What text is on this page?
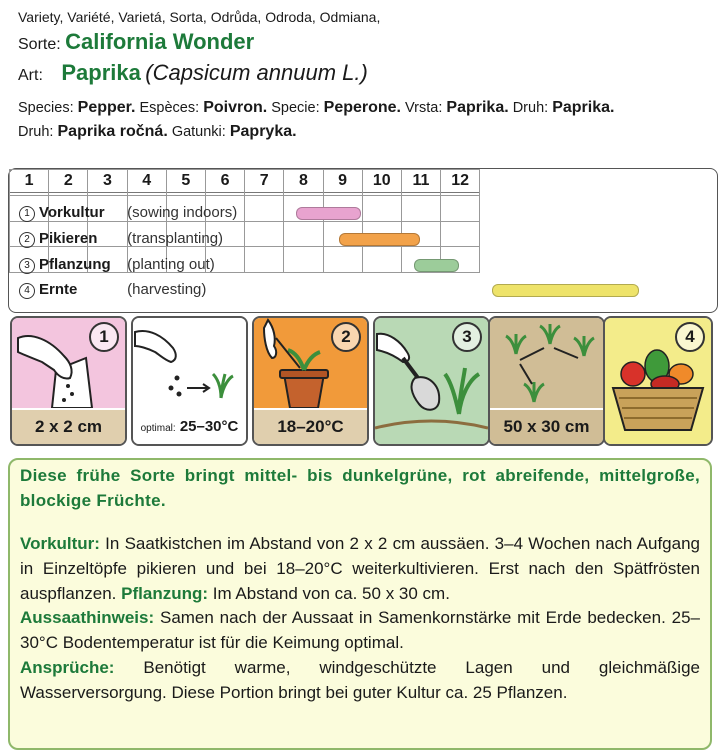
Variety, Variété, Varietá, Sorta, Odrůda, Odroda, Odmiana,
Sorte: California Wonder
Art: Paprika (Capsicum annuum L.)
Species: Pepper. Espèces: Poivron. Specie: Peperone. Vrsta: Paprika. Druh: Paprika.
Druh: Paprika ročná. Gatunki: Papryka.
1	2	3	4	5	6	7	8	9	10	11	12

1 Vorkultur (sowing indoors)
2 Pikieren (transplanting)
3 Pflanzung (planting out)
4 Ernte	(harvesting)
1
2 x 2 cm	optimal: 25–30°C
2
18–20°C
3
50 x 30 cm
4
Diese frühe Sorte bringt mittel- bis dunkelgrüne, rot abreifende, mittelgroße, blockige Früchte.
Vorkultur: In Saatkistchen im Abstand von 2 x 2 cm aussäen. 3–4 Wochen nach Aufgang in Einzeltöpfe pikieren und bei 18–20°C weiterkultivieren. Erst nach den Spätfrösten auspflanzen. Pflanzung: Im Abstand von ca. 50 x 30 cm.
Aussaathinweis: Samen nach der Aussaat in Samenkornstärke mit Erde bedecken. 25–30°C Bodentemperatur ist für die Keimung optimal.
Ansprüche: Benötigt warme, windgeschützte Lagen und gleichmäßige Wasserversorgung. Diese Portion bringt bei guter Kultur ca. 25 Pflanzen.
